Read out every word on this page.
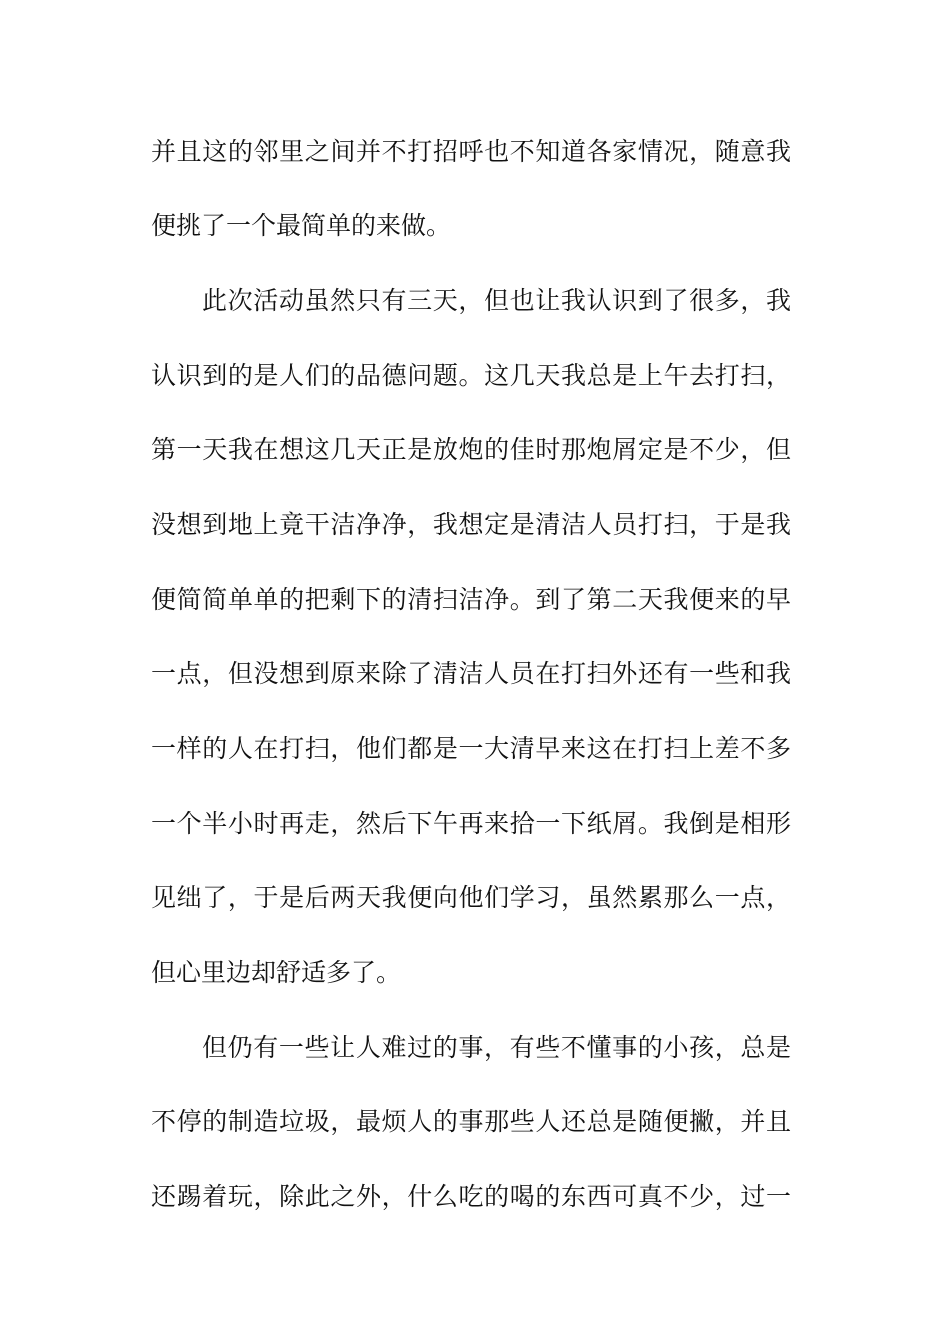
并且这的邻里之间并不打招呼也不知道各家情况，随意我
便挑了一个最简单的来做。
此次活动虽然只有三天，但也让我认识到了很多，我
认识到的是人们的品德问题。这几天我总是上午去打扫，
第一天我在想这几天正是放炮的佳时那炮屑定是不少，但
没想到地上竟干洁净净，我想定是清洁人员打扫，于是我
便简简单单的把剩下的清扫洁净。到了第二天我便来的早
一点，但没想到原来除了清洁人员在打扫外还有一些和我
一样的人在打扫，他们都是一大清早来这在打扫上差不多
一个半小时再走，然后下午再来拾一下纸屑。我倒是相形
见绌了，于是后两天我便向他们学习，虽然累那么一点，
但心里边却舒适多了。
但仍有一些让人难过的事，有些不懂事的小孩，总是
不停的制造垃圾，最烦人的事那些人还总是随便撇，并且
还踢着玩，除此之外，什么吃的喝的东西可真不少，过一
